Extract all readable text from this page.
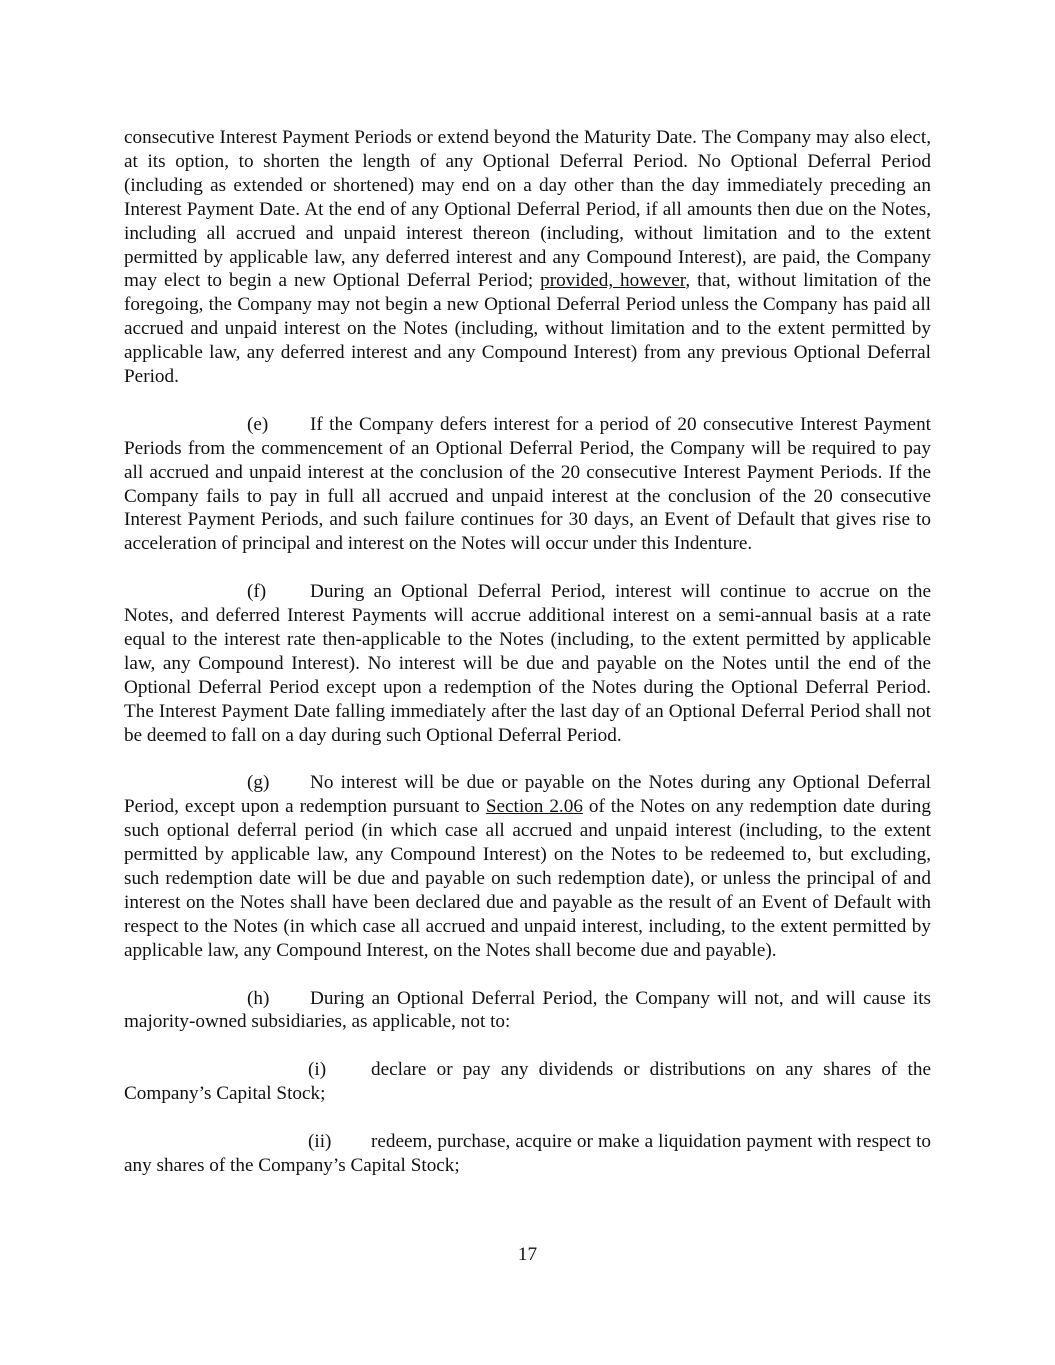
consecutive Interest Payment Periods or extend beyond the Maturity Date. The Company may also elect, at its option, to shorten the length of any Optional Deferral Period. No Optional Deferral Period (including as extended or shortened) may end on a day other than the day immediately preceding an Interest Payment Date. At the end of any Optional Deferral Period, if all amounts then due on the Notes, including all accrued and unpaid interest thereon (including, without limitation and to the extent permitted by applicable law, any deferred interest and any Compound Interest), are paid, the Company may elect to begin a new Optional Deferral Period; provided, however, that, without limitation of the foregoing, the Company may not begin a new Optional Deferral Period unless the Company has paid all accrued and unpaid interest on the Notes (including, without limitation and to the extent permitted by applicable law, any deferred interest and any Compound Interest) from any previous Optional Deferral Period.

(e) If the Company defers interest for a period of 20 consecutive Interest Payment Periods from the commencement of an Optional Deferral Period, the Company will be required to pay all accrued and unpaid interest at the conclusion of the 20 consecutive Interest Payment Periods. If the Company fails to pay in full all accrued and unpaid interest at the conclusion of the 20 consecutive Interest Payment Periods, and such failure continues for 30 days, an Event of Default that gives rise to acceleration of principal and interest on the Notes will occur under this Indenture.

(f) During an Optional Deferral Period, interest will continue to accrue on the Notes, and deferred Interest Payments will accrue additional interest on a semi-annual basis at a rate equal to the interest rate then-applicable to the Notes (including, to the extent permitted by applicable law, any Compound Interest). No interest will be due and payable on the Notes until the end of the Optional Deferral Period except upon a redemption of the Notes during the Optional Deferral Period. The Interest Payment Date falling immediately after the last day of an Optional Deferral Period shall not be deemed to fall on a day during such Optional Deferral Period.

(g) No interest will be due or payable on the Notes during any Optional Deferral Period, except upon a redemption pursuant to Section 2.06 of the Notes on any redemption date during such optional deferral period (in which case all accrued and unpaid interest (including, to the extent permitted by applicable law, any Compound Interest) on the Notes to be redeemed to, but excluding, such redemption date will be due and payable on such redemption date), or unless the principal of and interest on the Notes shall have been declared due and payable as the result of an Event of Default with respect to the Notes (in which case all accrued and unpaid interest, including, to the extent permitted by applicable law, any Compound Interest, on the Notes shall become due and payable).

(h) During an Optional Deferral Period, the Company will not, and will cause its majority-owned subsidiaries, as applicable, not to:

(i) declare or pay any dividends or distributions on any shares of the Company’s Capital Stock;

(ii) redeem, purchase, acquire or make a liquidation payment with respect to any shares of the Company’s Capital Stock;

17
